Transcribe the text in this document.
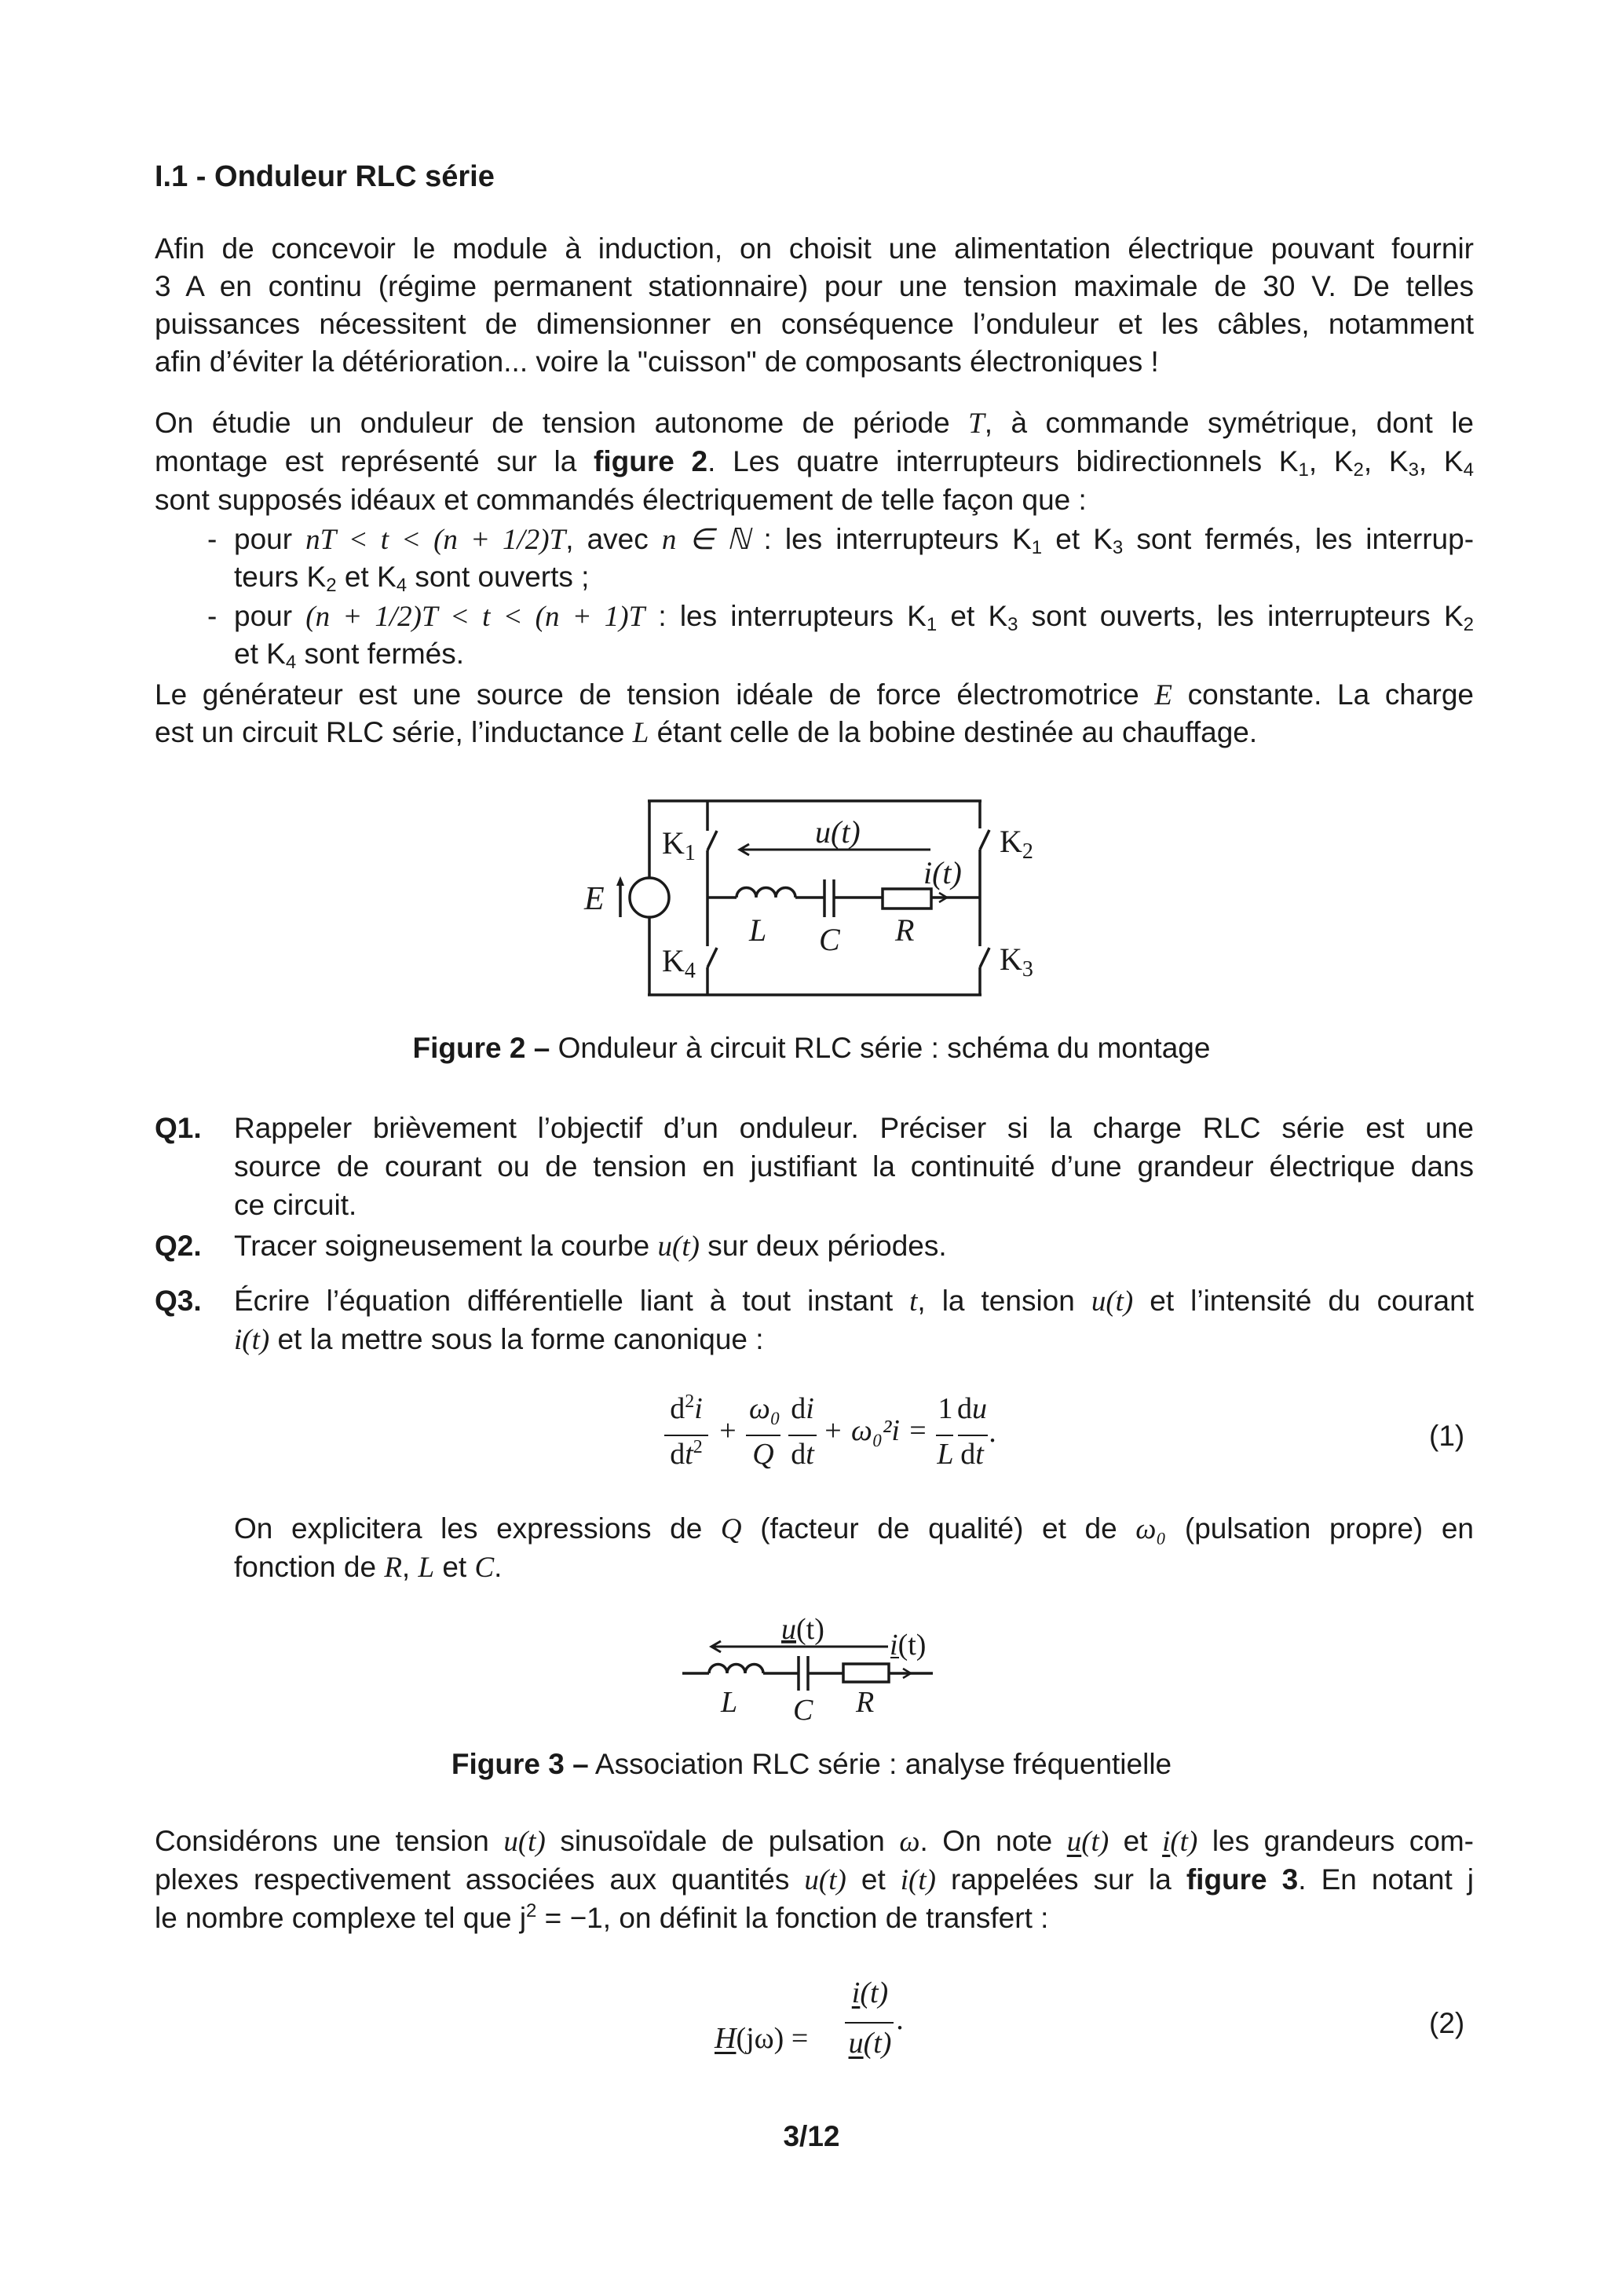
I.1 - Onduleur RLC série
Afin de concevoir le module à induction, on choisit une alimentation électrique pouvant fournir
3 A en continu (régime permanent stationnaire) pour une tension maximale de 30 V. De telles
puissances nécessitent de dimensionner en conséquence l’onduleur et les câbles, notamment
afin d’éviter la détérioration... voire la "cuisson" de composants électroniques !
On étudie un onduleur de tension autonome de période T, à commande symétrique, dont le
montage est représenté sur la figure 2. Les quatre interrupteurs bidirectionnels $K_1$, $K_2$, $K_3$, $K_4$
sont supposés idéaux et commandés électriquement de telle façon que :
- pour nT < t < (n + 1/2)T, avec n ∈ ℕ : les interrupteurs $K_1$ et $K_3$ sont fermés, les interrup-
teurs $K_2$ et $K_4$ sont ouverts ;
- pour (n + 1/2)T < t < (n + 1)T : les interrupteurs $K_1$ et $K_3$ sont ouverts, les interrupteurs $K_2$
et $K_4$ sont fermés.
Le générateur est une source de tension idéale de force électromotrice E constante. La charge
est un circuit RLC série, l’inductance L étant celle de la bobine destinée au chauffage.
$K_1$
$K_4$
$K_2$
$K_3$
E
u(t)
i(t)
L C R
Figure 2 – Onduleur à circuit RLC série : schéma du montage
Q1. Rappeler brièvement l’objectif d’un onduleur. Préciser si la charge RLC série est une
source de courant ou de tension en justifiant la continuité d’une grandeur électrique dans
ce circuit.
Q2. Tracer soigneusement la courbe u(t) sur deux périodes.
Q3. Écrire l’équation différentielle liant à tout instant t, la tension u(t) et l’intensité du courant
i(t) et la mettre sous la forme canonique :
$d^2i$
$dt^2$ +
ω₀
Q
di
dt
+ ω₀²i =
1
L
du
dt
.	(1)
On explicitera les expressions de Q (facteur de qualité) et de ω₀ (pulsation propre) en
fonction de R, L et C.
u(t) i(t)
L C R
Figure 3 – Association RLC série : analyse fréquentielle
Considérons une tension u(t) sinusoïdale de pulsation ω. On note u(t) et i(t) les grandeurs com-
plexes respectivement associées aux quantités u(t) et i(t) rappelées sur la figure 3. En notant j
le nombre complexe tel que $j^2 = -1$, on définit la fonction de transfert :
H(jω) =
i(t)
u(t)
.	(2)
3/12
